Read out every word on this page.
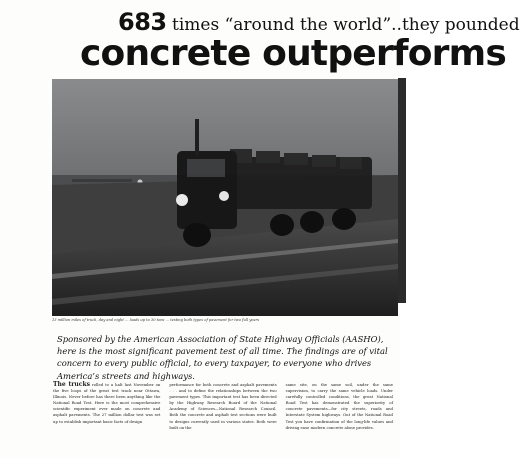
683 times “around the world”..they pounded
concrete outperforms
13 million miles of truck, day and night … loads up to 30 tons … testing both types of pavement for two full years
Sponsored by the American Association of State Highway Officials (AASHO), here is the most significant pavement test of all time. The findings are of vital concern to every public official, to every taxpayer, to everyone who drives America’s streets and highways.
The trucks rolled to a halt last November on the five loops of the great test track near Ottawa, Illinois. Never before has there been anything like the National Road Test. Here is the most comprehensive scientific experiment ever made on concrete and asphalt pavements. The 27 million dollar test was set up to establish important basic facts of design
performance for both concrete and asphalt pavements . . . and to define the relationships between the two pavement types. This important test has been directed by the Highway Research Board of the National Academy of Sciences—National Research Council. Both the concrete and asphalt test sections were built to designs currently used in various states. Both were built on the
same site, on the same soil, under the same supervision, to carry the same vehicle loads. Under carefully controlled conditions, the great National Road Test has demonstrated the superiority of concrete pavements—for city streets, roads and Interstate System highways. Out of the National Road Test you have confirmation of the long-life values and driving ease modern concrete alone provides.
